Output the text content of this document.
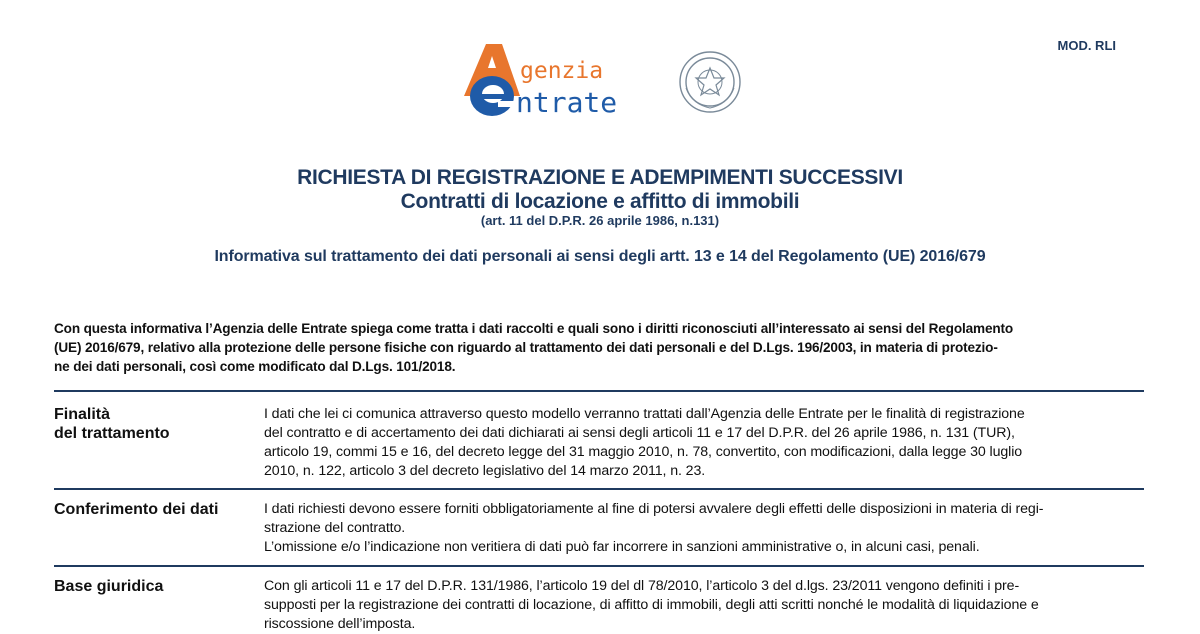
MOD. RLI
genzia
ntrate
RICHIESTA DI REGISTRAZIONE E ADEMPIMENTI SUCCESSIVI
Contratti di locazione e affitto di immobili
(art. 11 del D.P.R. 26 aprile 1986, n.131)
Informativa sul trattamento dei dati personali ai sensi degli artt. 13 e 14 del Regolamento (UE) 2016/679
Con questa informativa l’Agenzia delle Entrate spiega come tratta i dati raccolti e quali sono i diritti riconosciuti all’interessato ai sensi del Regolamento
(UE) 2016/679, relativo alla protezione delle persone fisiche con riguardo al trattamento dei dati personali e del D.Lgs. 196/2003, in materia di protezio-
ne dei dati personali, così come modificato dal D.Lgs. 101/2018.
Finalità
del trattamento
I dati che lei ci comunica attraverso questo modello verranno trattati dall’Agenzia delle Entrate per le finalità di registrazione
del contratto e di accertamento dei dati dichiarati ai sensi degli articoli 11 e 17 del D.P.R. del 26 aprile 1986, n. 131 (TUR),
articolo 19, commi 15 e 16, del decreto legge del 31 maggio 2010, n. 78, convertito, con modificazioni, dalla legge 30 luglio
2010, n. 122, articolo 3 del decreto legislativo del 14 marzo 2011, n. 23.
Conferimento dei dati	I dati richiesti devono essere forniti obbligatoriamente al fine di potersi avvalere degli effetti delle disposizioni in materia di regi-
strazione del contratto.
L’omissione e/o l’indicazione non veritiera di dati può far incorrere in sanzioni amministrative o, in alcuni casi, penali.
Base giuridica	Con gli articoli 11 e 17 del D.P.R. 131/1986, l’articolo 19 del dl 78/2010, l’articolo 3 del d.lgs. 23/2011 vengono definiti i pre-
supposti per la registrazione dei contratti di locazione, di affitto di immobili, degli atti scritti nonché le modalità di liquidazione e
riscossione dell’imposta.
